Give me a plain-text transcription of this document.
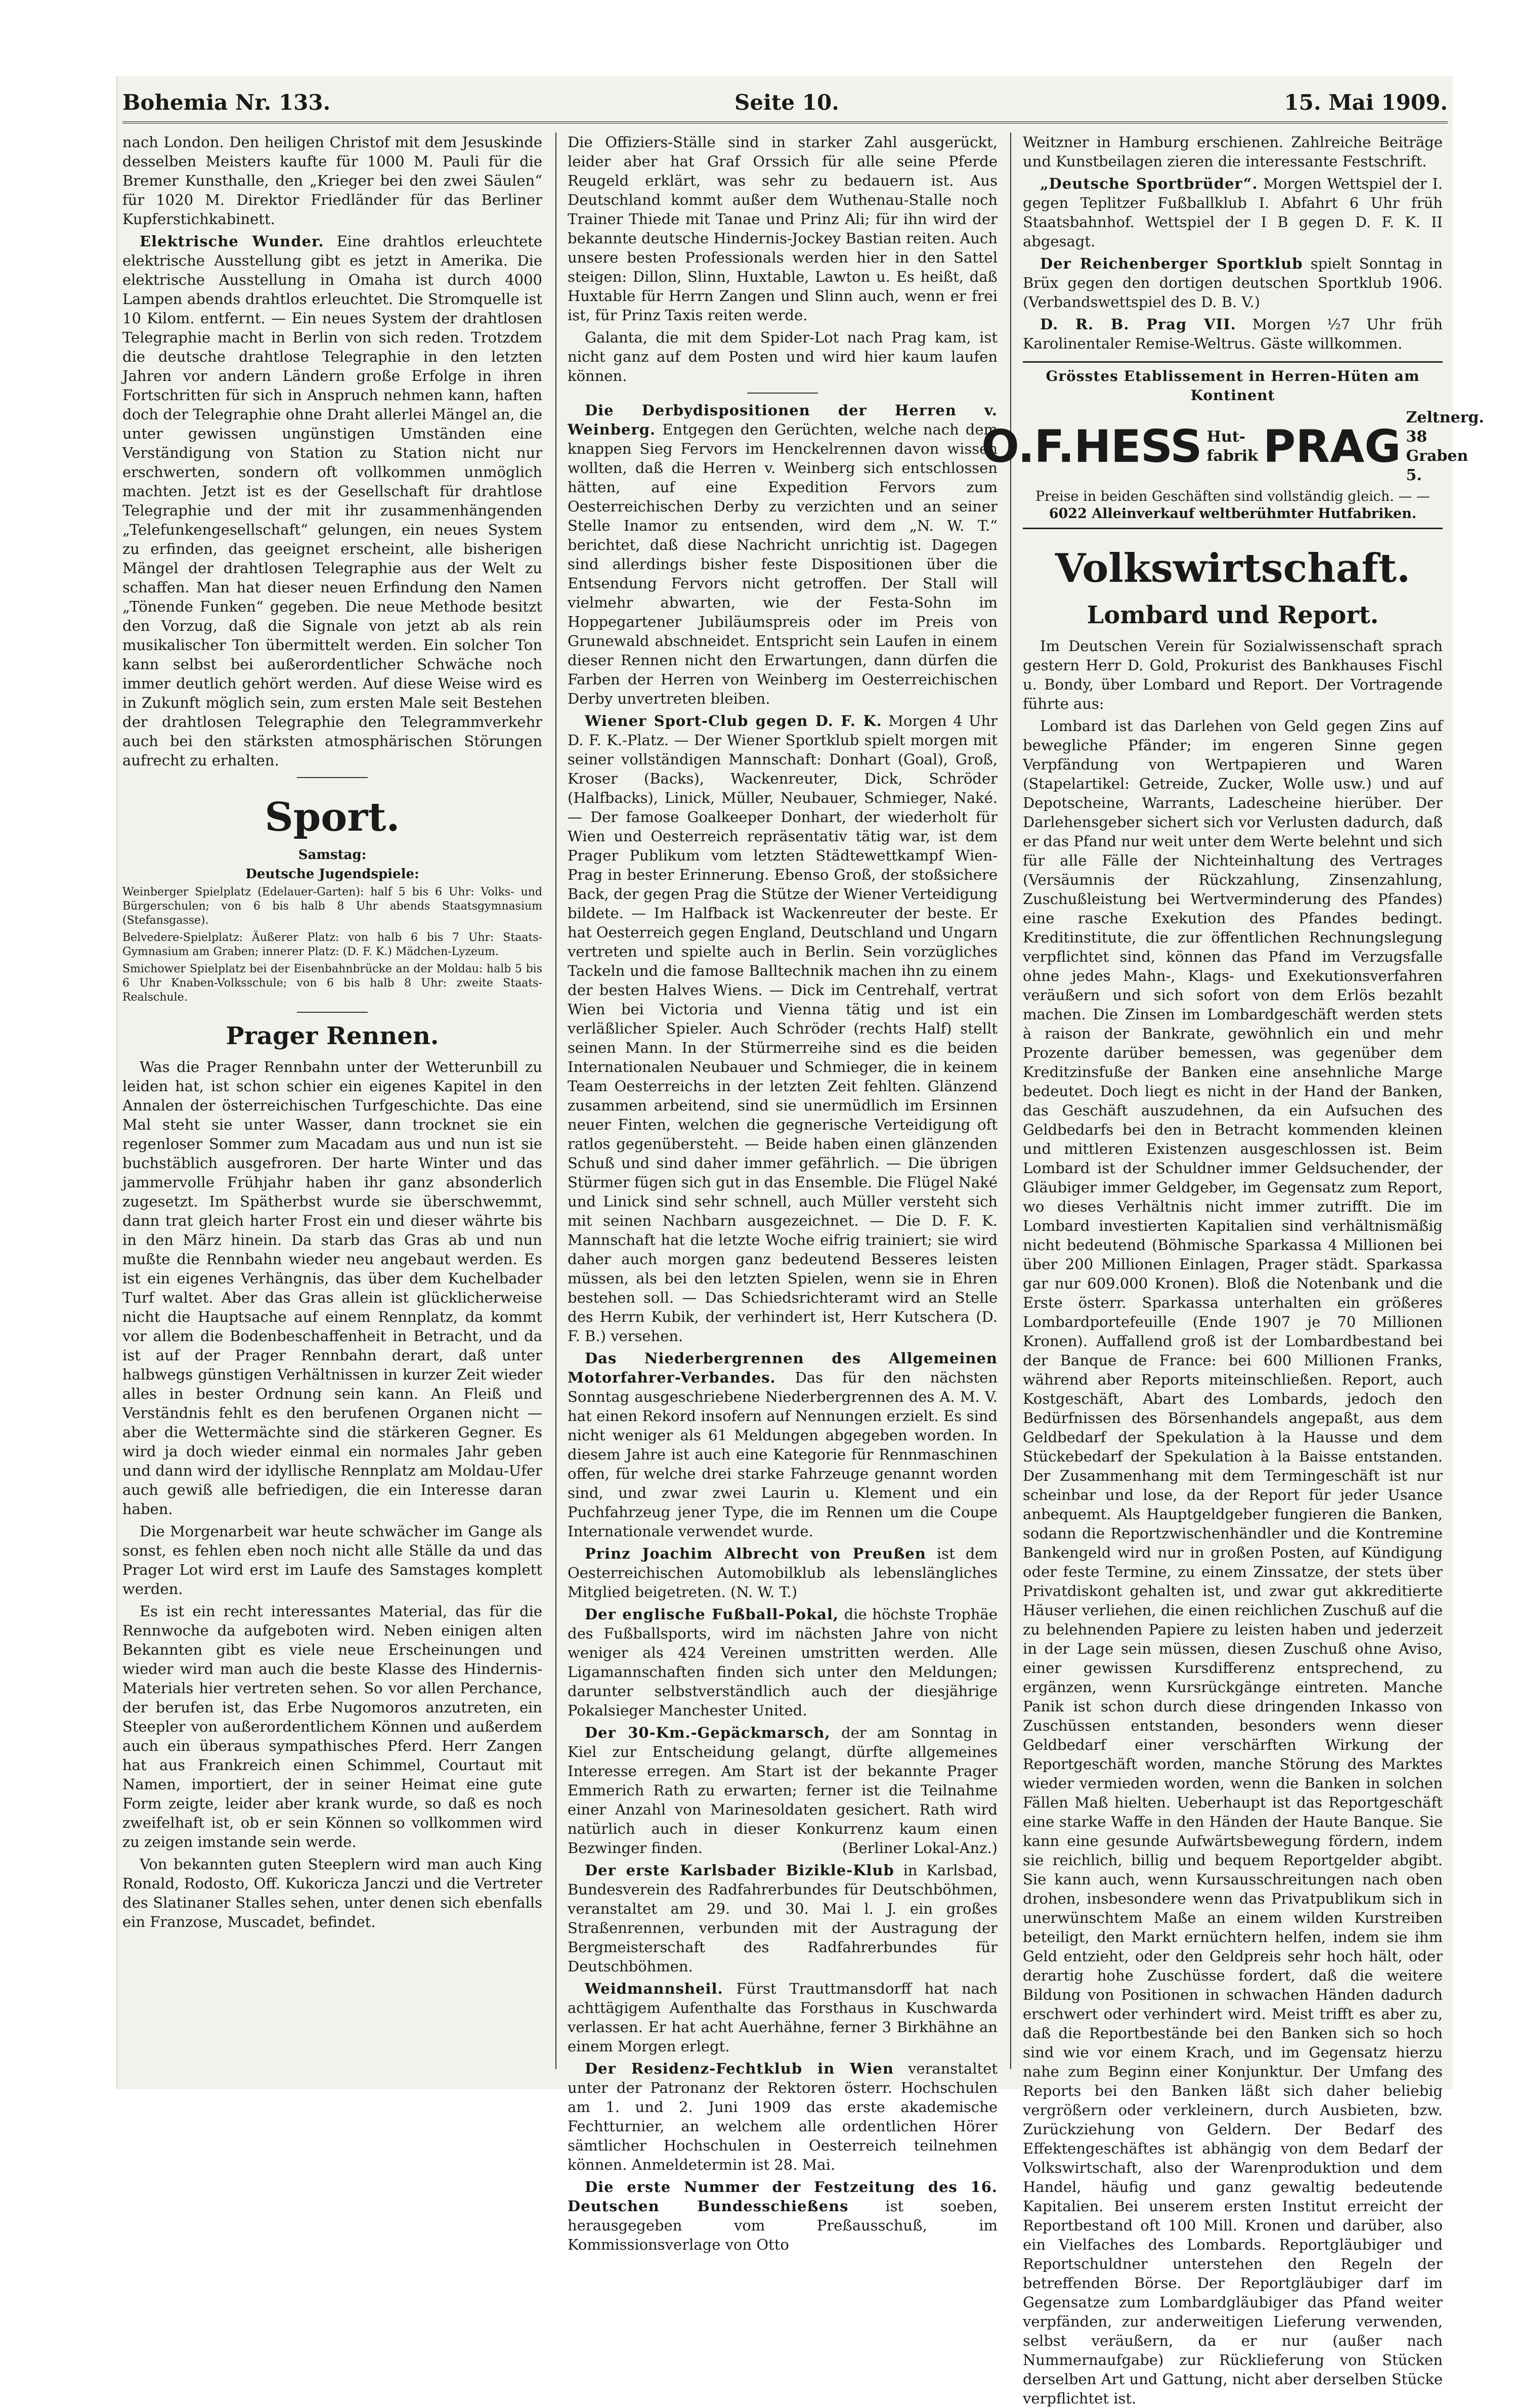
Bohemia Nr. 133.	Seite 10.	15. Mai 1909.

nach London. Den heiligen Christof mit dem Jesuskinde desselben Meisters kaufte für 1000 M. Pauli für die Bremer Kunsthalle, den „Krieger bei den zwei Säulen“ für 1020 M. Direktor Friedländer für das Berliner Kupferstichkabinett.

Elektrische Wunder. Eine drahtlos erleuchtete elektrische Ausstellung gibt es jetzt in Amerika. Die elektrische Ausstellung in Omaha ist durch 4000 Lampen abends drahtlos erleuchtet. Die Stromquelle ist 10 Kilom. entfernt. — Ein neues System der drahtlosen Telegraphie macht in Berlin von sich reden. Trotzdem die deutsche drahtlose Telegraphie in den letzten Jahren vor andern Ländern große Erfolge in ihren Fortschritten für sich in Anspruch nehmen kann, haften doch der Telegraphie ohne Draht allerlei Mängel an, die unter gewissen ungünstigen Umständen eine Verständigung von Station zu Station nicht nur erschwerten, sondern oft vollkommen unmöglich machten. Jetzt ist es der Gesellschaft für drahtlose Telegraphie und der mit ihr zusammenhängenden „Telefunkengesellschaft“ gelungen, ein neues System zu erfinden, das geeignet erscheint, alle bisherigen Mängel der drahtlosen Telegraphie aus der Welt zu schaffen. Man hat dieser neuen Erfindung den Namen „Tönende Funken“ gegeben. Die neue Methode besitzt den Vorzug, daß die Signale von jetzt ab als rein musikalischer Ton übermittelt werden. Ein solcher Ton kann selbst bei außerordentlicher Schwäche noch immer deutlich gehört werden. Auf diese Weise wird es in Zukunft möglich sein, zum ersten Male seit Bestehen der drahtlosen Telegraphie den Telegrammverkehr auch bei den stärksten atmosphärischen Störungen aufrecht zu erhalten.

Sport.
Samstag:
Deutsche Jugendspiele:

Weinberger Spielplatz (Edelauer-Garten): half 5 bis 6 Uhr: Volks- und Bürgerschulen; von 6 bis halb 8 Uhr abends Staatsgymnasium (Stefansgasse).

Belvedere-Spielplatz: Äußerer Platz: von halb 6 bis 7 Uhr: Staats-Gymnasium am Graben; innerer Platz: (D. F. K.) Mädchen-Lyzeum.

Smichower Spielplatz bei der Eisenbahnbrücke an der Moldau: halb 5 bis 6 Uhr Knaben-Volksschule; von 6 bis halb 8 Uhr: zweite Staats-Realschule.

Prager Rennen.

Was die Prager Rennbahn unter der Wetterunbill zu leiden hat, ist schon schier ein eigenes Kapitel in den Annalen der österreichischen Turfgeschichte. Das eine Mal steht sie unter Wasser, dann trocknet sie ein regenloser Sommer zum Macadam aus und nun ist sie buchstäblich ausgefroren. Der harte Winter und das jammervolle Frühjahr haben ihr ganz absonderlich zugesetzt. Im Spätherbst wurde sie überschwemmt, dann trat gleich harter Frost ein und dieser währte bis in den März hinein. Da starb das Gras ab und nun mußte die Rennbahn wieder neu angebaut werden. Es ist ein eigenes Verhängnis, das über dem Kuchelbader Turf waltet. Aber das Gras allein ist glücklicherweise nicht die Hauptsache auf einem Rennplatz, da kommt vor allem die Bodenbeschaffenheit in Betracht, und da ist auf der Prager Rennbahn derart, daß unter halbwegs günstigen Verhältnissen in kurzer Zeit wieder alles in bester Ordnung sein kann. An Fleiß und Verständnis fehlt es den berufenen Organen nicht — aber die Wettermächte sind die stärkeren Gegner. Es wird ja doch wieder einmal ein normales Jahr geben und dann wird der idyllische Rennplatz am Moldau-Ufer auch gewiß alle befriedigen, die ein Interesse daran haben.

Die Morgenarbeit war heute schwächer im Gange als sonst, es fehlen eben noch nicht alle Ställe da und das Prager Lot wird erst im Laufe des Samstages komplett werden.

Es ist ein recht interessantes Material, das für die Rennwoche da aufgeboten wird. Neben einigen alten Bekannten gibt es viele neue Erscheinungen und wieder wird man auch die beste Klasse des Hindernis-Materials hier vertreten sehen. So vor allen Perchance, der berufen ist, das Erbe Nugomoros anzutreten, ein Steepler von außerordentlichem Können und außerdem auch ein überaus sympathisches Pferd. Herr Zangen hat aus Frankreich einen Schimmel, Courtaut mit Namen, importiert, der in seiner Heimat eine gute Form zeigte, leider aber krank wurde, so daß es noch zweifelhaft ist, ob er sein Können so vollkommen wird zu zeigen imstande sein werde.

Von bekannten guten Steeplern wird man auch King Ronald, Rodosto, Off. Kukoricza Janczi und die Vertreter des Slatinaner Stalles sehen, unter denen sich ebenfalls ein Franzose, Muscadet, befindet.

Die Offiziers-Ställe sind in starker Zahl ausgerückt, leider aber hat Graf Orssich für alle seine Pferde Reugeld erklärt, was sehr zu bedauern ist. Aus Deutschland kommt außer dem Wuthenau-Stalle noch Trainer Thiede mit Tanae und Prinz Ali; für ihn wird der bekannte deutsche Hindernis-Jockey Bastian reiten. Auch unsere besten Professionals werden hier in den Sattel steigen: Dillon, Slinn, Huxtable, Lawton u. Es heißt, daß Huxtable für Herrn Zangen und Slinn auch, wenn er frei ist, für Prinz Taxis reiten werde.

Galanta, die mit dem Spider-Lot nach Prag kam, ist nicht ganz auf dem Posten und wird hier kaum laufen können.

Die Derbydispositionen der Herren v. Weinberg. Entgegen den Gerüchten, welche nach dem knappen Sieg Fervors im Henckelrennen davon wissen wollten, daß die Herren v. Weinberg sich entschlossen hätten, auf eine Expedition Fervors zum Oesterreichischen Derby zu verzichten und an seiner Stelle Inamor zu entsenden, wird dem „N. W. T.“ berichtet, daß diese Nachricht unrichtig ist. Dagegen sind allerdings bisher feste Dispositionen über die Entsendung Fervors nicht getroffen. Der Stall will vielmehr abwarten, wie der Festa-Sohn im Hoppegartener Jubiläumspreis oder im Preis von Grunewald abschneidet. Entspricht sein Laufen in einem dieser Rennen nicht den Erwartungen, dann dürfen die Farben der Herren von Weinberg im Oesterreichischen Derby unvertreten bleiben.

Wiener Sport-Club gegen D. F. K. Morgen 4 Uhr D. F. K.-Platz. — Der Wiener Sportklub spielt morgen mit seiner vollständigen Mannschaft: Donhart (Goal), Groß, Kroser (Backs), Wackenreuter, Dick, Schröder (Halfbacks), Linick, Müller, Neubauer, Schmieger, Naké. — Der famose Goalkeeper Donhart, der wiederholt für Wien und Oesterreich repräsentativ tätig war, ist dem Prager Publikum vom letzten Städtewettkampf Wien-Prag in bester Erinnerung. Ebenso Groß, der stoßsichere Back, der gegen Prag die Stütze der Wiener Verteidigung bildete. — Im Halfback ist Wackenreuter der beste. Er hat Oesterreich gegen England, Deutschland und Ungarn vertreten und spielte auch in Berlin. Sein vorzügliches Tackeln und die famose Balltechnik machen ihn zu einem der besten Halves Wiens. — Dick im Centrehalf, vertrat Wien bei Victoria und Vienna tätig und ist ein verläßlicher Spieler. Auch Schröder (rechts Half) stellt seinen Mann. In der Stürmerreihe sind es die beiden Internationalen Neubauer und Schmieger, die in keinem Team Oesterreichs in der letzten Zeit fehlten. Glänzend zusammen arbeitend, sind sie unermüdlich im Ersinnen neuer Finten, welchen die gegnerische Verteidigung oft ratlos gegenübersteht. — Beide haben einen glänzenden Schuß und sind daher immer gefährlich. — Die übrigen Stürmer fügen sich gut in das Ensemble. Die Flügel Naké und Linick sind sehr schnell, auch Müller versteht sich mit seinen Nachbarn ausgezeichnet. — Die D. F. K. Mannschaft hat die letzte Woche eifrig trainiert; sie wird daher auch morgen ganz bedeutend Besseres leisten müssen, als bei den letzten Spielen, wenn sie in Ehren bestehen soll. — Das Schiedsrichteramt wird an Stelle des Herrn Kubik, der verhindert ist, Herr Kutschera (D. F. B.) versehen.

Das Niederbergrennen des Allgemeinen Motorfahrer-Verbandes. Das für den nächsten Sonntag ausgeschriebene Niederbergrennen des A. M. V. hat einen Rekord insofern auf Nennungen erzielt. Es sind nicht weniger als 61 Meldungen abgegeben worden. In diesem Jahre ist auch eine Kategorie für Rennmaschinen offen, für welche drei starke Fahrzeuge genannt worden sind, und zwar zwei Laurin u. Klement und ein Puchfahrzeug jener Type, die im Rennen um die Coupe Internationale verwendet wurde.

Prinz Joachim Albrecht von Preußen ist dem Oesterreichischen Automobilklub als lebenslängliches Mitglied beigetreten. (N. W. T.)

Der englische Fußball-Pokal, die höchste Trophäe des Fußballsports, wird im nächsten Jahre von nicht weniger als 424 Vereinen umstritten werden. Alle Ligamannschaften finden sich unter den Meldungen; darunter selbstverständlich auch der diesjährige Pokalsieger Manchester United.

Der 30-Km.-Gepäckmarsch, der am Sonntag in Kiel zur Entscheidung gelangt, dürfte allgemeines Interesse erregen. Am Start ist der bekannte Prager Emmerich Rath zu erwarten; ferner ist die Teilnahme einer Anzahl von Marinesoldaten gesichert. Rath wird natürlich auch in dieser Konkurrenz kaum einen Bezwinger finden.	(Berliner Lokal-Anz.)

Der erste Karlsbader Bizikle-Klub in Karlsbad, Bundesverein des Radfahrerbundes für Deutschböhmen, veranstaltet am 29. und 30. Mai l. J. ein großes Straßenrennen, verbunden mit der Austragung der Bergmeisterschaft des Radfahrerbundes für Deutschböhmen.

Weidmannsheil. Fürst Trauttmansdorff hat nach achttägigem Aufenthalte das Forsthaus in Kuschwarda verlassen. Er hat acht Auerhähne, ferner 3 Birkhähne an einem Morgen erlegt.

Der Residenz-Fechtklub in Wien veranstaltet unter der Patronanz der Rektoren österr. Hochschulen am 1. und 2. Juni 1909 das erste akademische Fechtturnier, an welchem alle ordentlichen Hörer sämtlicher Hochschulen in Oesterreich teilnehmen können. Anmeldetermin ist 28. Mai.

Die erste Nummer der Festzeitung des 16. Deutschen Bundesschießens	ist soeben, herausgegeben vom Preßausschuß, im Kommissionsverlage von Otto

Weitzner in Hamburg erschienen. Zahlreiche Beiträge und Kunstbeilagen zieren die interessante Festschrift.

„Deutsche Sportbrüder“. Morgen Wettspiel der I. gegen Teplitzer Fußballklub I. Abfahrt 6 Uhr früh Staatsbahnhof. Wettspiel der I B gegen D. F. K. II abgesagt.

Der Reichenberger Sportklub spielt Sonntag in Brüx gegen den dortigen deutschen Sportklub 1906. (Verbandswettspiel des D. B. V.)

D. R. B. Prag VII. Morgen ½7 Uhr früh Karolinentaler Remise-Weltrus. Gäste willkommen.

Grösstes Etablissement in Herren-Hüten am Kontinent
O.F.HESS Hut-
fabrik PRAG
Zeltnerg. 38
Graben 5.
Preise in beiden Geschäften sind vollständig gleich. — —
6022 Alleinverkauf weltberühmter Hutfabriken.
Volkswirtschaft.
Lombard und Report.

Im Deutschen Verein für Sozialwissenschaft sprach gestern Herr D. Gold, Prokurist des Bankhauses Fischl u. Bondy, über Lombard und Report. Der Vortragende führte aus:

Lombard ist das Darlehen von Geld gegen Zins auf bewegliche Pfänder; im engeren Sinne gegen Verpfändung von Wertpapieren und Waren (Stapelartikel: Getreide, Zucker, Wolle usw.) und auf Depotscheine, Warrants, Ladescheine hierüber. Der Darlehensgeber sichert sich vor Verlusten dadurch, daß er das Pfand nur weit unter dem Werte belehnt und sich für alle Fälle der Nichteinhaltung des Vertrages (Versäumnis der Rückzahlung, Zinsenzahlung, Zuschußleistung bei Wertverminderung des Pfandes) eine rasche Exekution des Pfandes bedingt. Kreditinstitute, die zur öffentlichen Rechnungslegung verpflichtet sind, können das Pfand im Verzugsfalle ohne jedes Mahn-, Klags- und Exekutionsverfahren veräußern und sich sofort von dem Erlös bezahlt machen. Die Zinsen im Lombardgeschäft werden stets à raison der Bankrate, gewöhnlich ein und mehr Prozente darüber bemessen, was gegenüber dem Kreditzinsfuße der Banken eine ansehnliche Marge bedeutet. Doch liegt es nicht in der Hand der Banken, das Geschäft auszudehnen, da ein Aufsuchen des Geldbedarfs bei den in Betracht kommenden kleinen und mittleren Existenzen ausgeschlossen ist. Beim Lombard ist der Schuldner immer Geldsuchender, der Gläubiger immer Geldgeber, im Gegensatz zum Report, wo dieses Verhältnis nicht immer zutrifft. Die im Lombard investierten Kapitalien sind verhältnismäßig nicht bedeutend (Böhmische Sparkassa 4 Millionen bei über 200 Millionen Einlagen, Prager städt. Sparkassa gar nur 609.000 Kronen). Bloß die Notenbank und die Erste österr. Sparkassa unterhalten ein größeres Lombardportefeuille (Ende 1907 je 70 Millionen Kronen). Auffallend groß ist der Lombardbestand bei der Banque de France: bei 600 Millionen Franks, während aber Reports miteinschließen. Report, auch Kostgeschäft, Abart des Lombards, jedoch den Bedürfnissen des Börsenhandels angepaßt, aus dem Geldbedarf der Spekulation à la Hausse und dem Stückebedarf der Spekulation à la Baisse entstanden. Der Zusammenhang mit dem Termingeschäft ist nur scheinbar und lose, da der Report für jeder Usance anbequemt. Als Hauptgeldgeber fungieren die Banken, sodann die Reportzwischenhändler und die Kontremine Bankengeld wird nur in großen Posten, auf Kündigung oder feste Termine, zu einem Zinssatze, der stets über Privatdiskont gehalten ist, und zwar gut akkreditierte Häuser verliehen, die einen reichlichen Zuschuß auf die zu belehnenden Papiere zu leisten haben und jederzeit in der Lage sein müssen, diesen Zuschuß ohne Aviso, einer gewissen Kursdifferenz entsprechend, zu ergänzen, wenn Kursrückgänge eintreten. Manche Panik ist schon durch diese dringenden Inkasso von Zuschüssen entstanden, besonders wenn dieser Geldbedarf einer verschärften Wirkung der Reportgeschäft worden, manche Störung des Marktes wieder vermieden worden, wenn die Banken in solchen Fällen Maß hielten. Ueberhaupt ist das Reportgeschäft eine starke Waffe in den Händen der Haute Banque. Sie kann eine gesunde Aufwärtsbewegung fördern, indem sie reichlich, billig und bequem Reportgelder abgibt. Sie kann auch, wenn Kursausschreitungen nach oben drohen, insbesondere wenn das Privatpublikum sich in unerwünschtem Maße an einem wilden Kurstreiben beteiligt, den Markt ernüchtern helfen, indem sie ihm Geld entzieht, oder den Geldpreis sehr hoch hält, oder derartig hohe Zuschüsse fordert, daß die weitere Bildung von Positionen in schwachen Händen dadurch erschwert oder verhindert wird. Meist trifft es aber zu, daß die Reportbestände bei den Banken sich so hoch sind wie vor einem Krach, und im Gegensatz hierzu nahe zum Beginn einer Konjunktur. Der Umfang des Reports bei den Banken läßt sich daher beliebig vergrößern oder verkleinern, durch Ausbieten, bzw. Zurückziehung von Geldern. Der Bedarf des Effektengeschäftes ist abhängig von dem Bedarf der Volkswirtschaft, also der Warenproduktion und dem Handel, häufig und ganz gewaltig bedeutende Kapitalien. Bei unserem ersten Institut erreicht der Reportbestand oft 100 Mill. Kronen und darüber, also ein Vielfaches des Lombards. Reportgläubiger und Reportschuldner unterstehen den Regeln der betreffenden Börse. Der Reportgläubiger darf im Gegensatze zum Lombardgläubiger das Pfand weiter verpfänden, zur anderweitigen Lieferung verwenden, selbst veräußern, da er nur (außer nach Nummernaufgabe) zur Rücklieferung von Stücken derselben Art und Gattung, nicht aber derselben Stücke verpflichtet ist.
